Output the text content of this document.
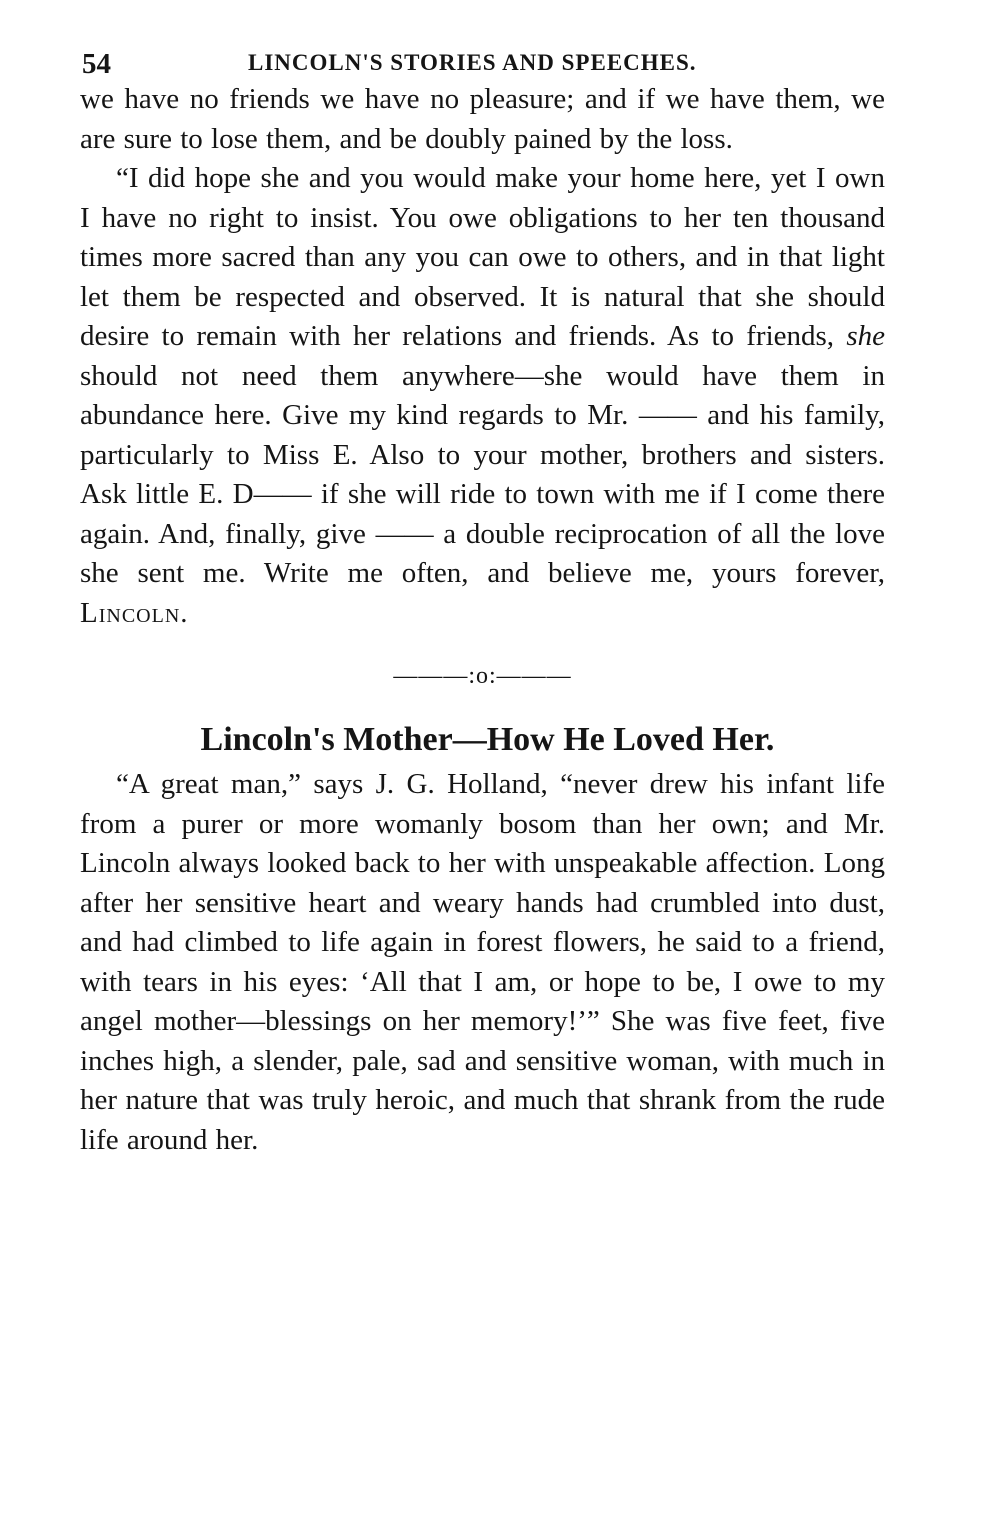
54	LINCOLN'S STORIES AND SPEECHES.

we have no friends we have no pleasure; and if we have them, we are sure to lose them, and be doubly pained by the loss.

“I did hope she and you would make your home here, yet I own I have no right to insist. You owe obligations to her ten thousand times more sacred than any you can owe to others, and in that light let them be respected and observed. It is natural that she should desire to remain with her relations and friends. As to friends, she should not need them anywhere—she would have them in abundance here. Give my kind regards to Mr. —— and his family, particularly to Miss E. Also to your mother, brothers and sisters. Ask little E. D—— if she will ride to town with me if I come there again. And, finally, give —— a double reciprocation of all the love she sent me. Write me often, and believe me, yours forever, Lincoln.

———:o:———
Lincoln's Mother—How He Loved Her.

“A great man,” says J. G. Holland, “never drew his infant life from a purer or more womanly bosom than her own; and Mr. Lincoln always looked back to her with unspeakable affection. Long after her sensitive heart and weary hands had crumbled into dust, and had climbed to life again in forest flowers, he said to a friend, with tears in his eyes: ‘All that I am, or hope to be, I owe to my angel mother—blessings on her memory!’” She was five feet, five inches high, a slender, pale, sad and sensitive woman, with much in her nature that was truly heroic, and much that shrank from the rude life around her.
